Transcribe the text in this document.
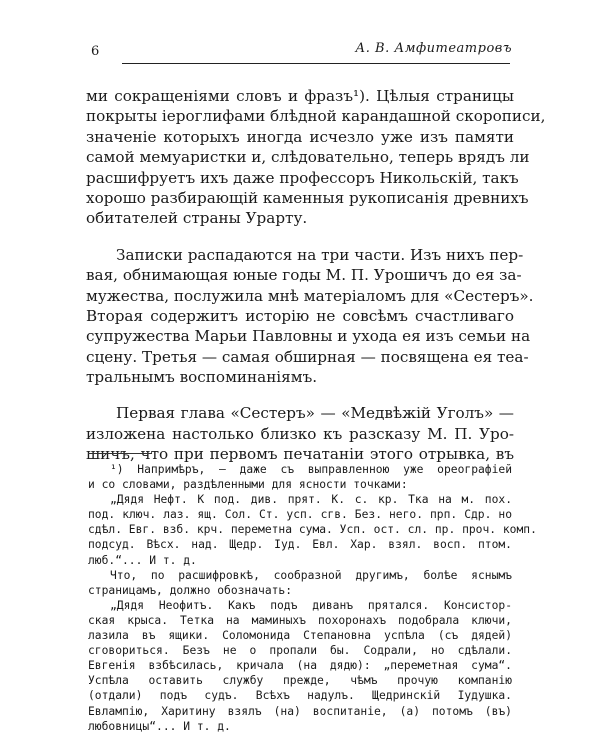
6	А. В. Амфитеатровъ
ми сокращеніями словъ и фразъ¹). Цѣлыя страницы
покрыты іероглифами блѣдной карандашной скорописи,
значеніе которыхъ иногда исчезло уже изъ памяти
самой мемуаристки и, слѣдовательно, теперь врядъ ли
расшифруетъ ихъ даже профессоръ Никольскій, такъ
хорошо разбирающій каменныя рукописанія древнихъ
обитателей страны Урарту.
Записки распадаются на три части. Изъ нихъ пер-
вая, обнимающая юные годы М. П. Урошичъ до ея за-
мужества, послужила мнѣ матеріаломъ для «Сестеръ».
Вторая содержитъ исторію не совсѣмъ счастливаго
супружества Марьи Павловны и ухода ея изъ семьи на
сцену. Третья — самая обширная — посвящена ея теа-
тральнымъ воспоминаніямъ.
Первая глава «Сестеръ» — «Медвѣжій Уголъ» —
изложена настолько близко къ разсказу М. П. Уро-
шичъ, что при первомъ печатаніи этого отрывка, въ
¹) Напримѣръ, — даже съ выправленною уже ореографіей
и со словами, раздѣленными для ясности точками:
„Дядя Нефт. К под. див. прят. К. с. кр. Тка на м. пох.
под. ключ. лаз. ящ. Сол. Ст. усп. сгв. Без. него. прп. Сдр. но
сдѣл. Евг. взб. крч. переметна сума. Усп. ост. сл. пр. проч. комп.
подсуд. Вѣсх. над. Щедр. Iуд. Евл. Хар. взял. восп. птом.
люб.“... И т. д.
Что, по расшифровкѣ, сообразной другимъ, болѣе яснымъ
страницамъ, должно обозначать:
„Дядя Неофитъ. Какъ подъ диванъ прятался. Консистор-
ская крыса. Тетка на маминыхъ похоронахъ подобрала ключи,
лазила въ ящики. Соломонида Степановна успѣла (съ дядей)
сговориться. Безъ не о пропали бы. Содрали, но сдѣлали.
Евгенія взбѣсилась, кричала (на дядю): „переметная сума“.
Успѣла оставить службу прежде, чѣмъ прочую компанію
(отдали) подъ судъ. Всѣхъ надулъ. Щедринскій Іудушка.
Евлампію, Харитину взялъ (на) воспитаніе, (а) потомъ (въ)
любовницы“... И т. д.
